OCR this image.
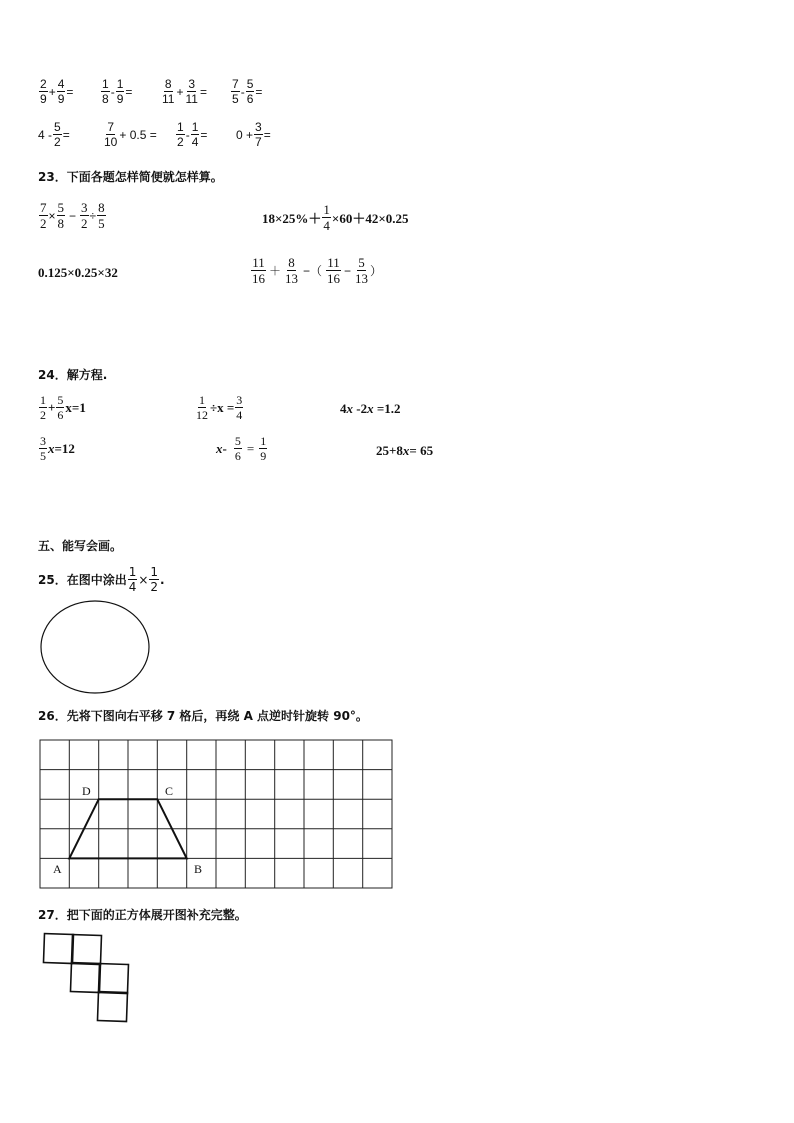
$\frac{2}{9} + \frac{4}{9} = \frac{1}{8} - \frac{1}{9} = \frac{8}{11} + \frac{3}{11} = \frac{7}{5} - \frac{5}{6}$ =
$4 - \frac{5}{2}$ =	$\frac{7}{10} + 0.5 = \frac{1}{2} - \frac{1}{4} = 0 + \frac{3}{7}$ =
23．下面各题怎样简便就怎样算。
$\frac{7}{2} \times \frac{5}{8} - \frac{3}{2} \div \frac{8}{5}$	$18\times 25\%+ \frac{1}{4} \times 60+42\times 0.25$
0.125×0.25×32	$\frac{11}{16} + \frac{8}{13}$ −（ $\frac{11}{16} - \frac{5}{13}$ ）
24．解方程.
$\frac{1}{2} + \frac{5}{6} x=1$	$\frac{1}{12} \div x = \frac{3}{4}$	4x -2x =1.2
$\frac{3}{5} x=12$	$x- \frac{5}{6} = \frac{1}{9}$	25+8x= 65
五、能写会画。
25．在图中涂出 $\frac{1}{4} \times \frac{1}{2}$ .
26．先将下图向右平移 7 格后，再绕 A 点逆时针旋转 90°。
A	B
C
D
27．把下面的正方体展开图补充完整。
